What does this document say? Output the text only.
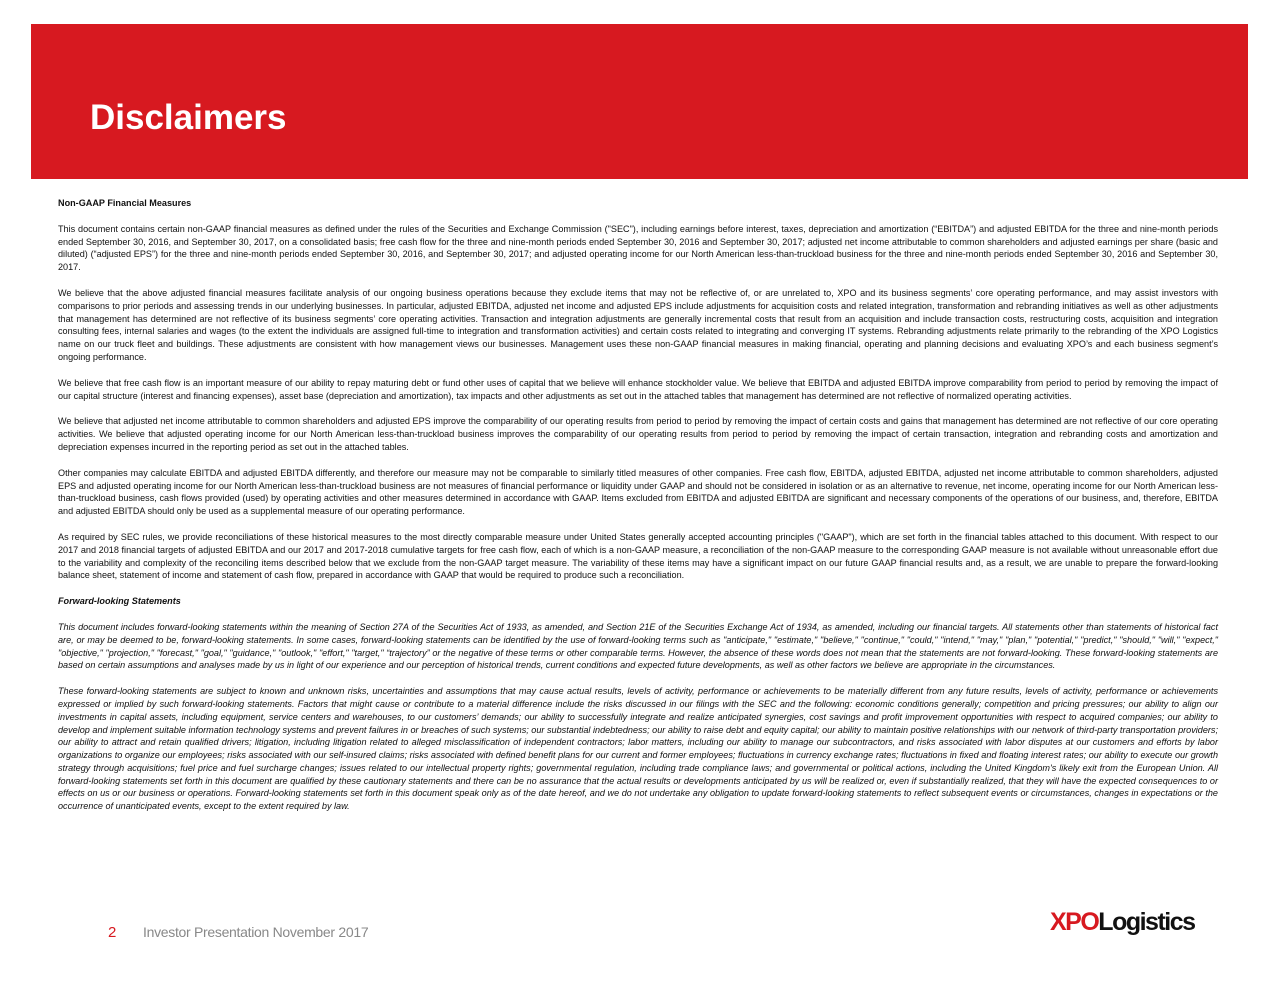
Disclaimers

Non-GAAP Financial Measures

This document contains certain non-GAAP financial measures as defined under the rules of the Securities and Exchange Commission ("SEC"), including earnings before interest, taxes, depreciation and amortization (“EBITDA”) and adjusted EBITDA for the three and nine-month periods ended September 30, 2016, and September 30, 2017, on a consolidated basis; free cash flow for the three and nine-month periods ended September 30, 2016 and September 30, 2017; adjusted net income attributable to common shareholders and adjusted earnings per share (basic and diluted) (“adjusted EPS”) for the three and nine-month periods ended September 30, 2016, and September 30, 2017; and adjusted operating income for our North American less-than-truckload business for the three and nine-month periods ended September 30, 2016 and September 30, 2017.

We believe that the above adjusted financial measures facilitate analysis of our ongoing business operations because they exclude items that may not be reflective of, or are unrelated to, XPO and its business segments’ core operating performance, and may assist investors with comparisons to prior periods and assessing trends in our underlying businesses. In particular, adjusted EBITDA, adjusted net income and adjusted EPS include adjustments for acquisition costs and related integration, transformation and rebranding initiatives as well as other adjustments that management has determined are not reflective of its business segments’ core operating activities. Transaction and integration adjustments are generally incremental costs that result from an acquisition and include transaction costs, restructuring costs, acquisition and integration consulting fees, internal salaries and wages (to the extent the individuals are assigned full-time to integration and transformation activities) and certain costs related to integrating and converging IT systems. Rebranding adjustments relate primarily to the rebranding of the XPO Logistics name on our truck fleet and buildings. These adjustments are consistent with how management views our businesses. Management uses these non-GAAP financial measures in making financial, operating and planning decisions and evaluating XPO’s and each business segment’s ongoing performance.

We believe that free cash flow is an important measure of our ability to repay maturing debt or fund other uses of capital that we believe will enhance stockholder value. We believe that EBITDA and adjusted EBITDA improve comparability from period to period by removing the impact of our capital structure (interest and financing expenses), asset base (depreciation and amortization), tax impacts and other adjustments as set out in the attached tables that management has determined are not reflective of normalized operating activities.

We believe that adjusted net income attributable to common shareholders and adjusted EPS improve the comparability of our operating results from period to period by removing the impact of certain costs and gains that management has determined are not reflective of our core operating activities. We believe that adjusted operating income for our North American less-than-truckload business improves the comparability of our operating results from period to period by removing the impact of certain transaction, integration and rebranding costs and amortization and depreciation expenses incurred in the reporting period as set out in the attached tables.

Other companies may calculate EBITDA and adjusted EBITDA differently, and therefore our measure may not be comparable to similarly titled measures of other companies. Free cash flow, EBITDA, adjusted EBITDA, adjusted net income attributable to common shareholders, adjusted EPS and adjusted operating income for our North American less-than-truckload business are not measures of financial performance or liquidity under GAAP and should not be considered in isolation or as an alternative to revenue, net income, operating income for our North American less-than-truckload business, cash flows provided (used) by operating activities and other measures determined in accordance with GAAP. Items excluded from EBITDA and adjusted EBITDA are significant and necessary components of the operations of our business, and, therefore, EBITDA and adjusted EBITDA should only be used as a supplemental measure of our operating performance.

As required by SEC rules, we provide reconciliations of these historical measures to the most directly comparable measure under United States generally accepted accounting principles ("GAAP"), which are set forth in the financial tables attached to this document. With respect to our 2017 and 2018 financial targets of adjusted EBITDA and our 2017 and 2017-2018 cumulative targets for free cash flow, each of which is a non-GAAP measure, a reconciliation of the non-GAAP measure to the corresponding GAAP measure is not available without unreasonable effort due to the variability and complexity of the reconciling items described below that we exclude from the non-GAAP target measure. The variability of these items may have a significant impact on our future GAAP financial results and, as a result, we are unable to prepare the forward-looking balance sheet, statement of income and statement of cash flow, prepared in accordance with GAAP that would be required to produce such a reconciliation.

Forward-looking Statements

This document includes forward-looking statements within the meaning of Section 27A of the Securities Act of 1933, as amended, and Section 21E of the Securities Exchange Act of 1934, as amended, including our financial targets. All statements other than statements of historical fact are, or may be deemed to be, forward-looking statements. In some cases, forward-looking statements can be identified by the use of forward-looking terms such as "anticipate," "estimate," "believe," "continue," "could," "intend," "may," "plan," "potential," "predict," "should," "will," "expect," "objective," "projection," "forecast," "goal," "guidance," "outlook," "effort," "target," “trajectory” or the negative of these terms or other comparable terms. However, the absence of these words does not mean that the statements are not forward-looking. These forward-looking statements are based on certain assumptions and analyses made by us in light of our experience and our perception of historical trends, current conditions and expected future developments, as well as other factors we believe are appropriate in the circumstances.

These forward-looking statements are subject to known and unknown risks, uncertainties and assumptions that may cause actual results, levels of activity, performance or achievements to be materially different from any future results, levels of activity, performance or achievements expressed or implied by such forward-looking statements. Factors that might cause or contribute to a material difference include the risks discussed in our filings with the SEC and the following: economic conditions generally; competition and pricing pressures; our ability to align our investments in capital assets, including equipment, service centers and warehouses, to our customers’ demands; our ability to successfully integrate and realize anticipated synergies, cost savings and profit improvement opportunities with respect to acquired companies; our ability to develop and implement suitable information technology systems and prevent failures in or breaches of such systems; our substantial indebtedness; our ability to raise debt and equity capital; our ability to maintain positive relationships with our network of third-party transportation providers; our ability to attract and retain qualified drivers; litigation, including litigation related to alleged misclassification of independent contractors; labor matters, including our ability to manage our subcontractors, and risks associated with labor disputes at our customers and efforts by labor organizations to organize our employees; risks associated with our self-insured claims; risks associated with defined benefit plans for our current and former employees; fluctuations in currency exchange rates; fluctuations in fixed and floating interest rates; our ability to execute our growth strategy through acquisitions; fuel price and fuel surcharge changes; issues related to our intellectual property rights; governmental regulation, including trade compliance laws; and governmental or political actions, including the United Kingdom's likely exit from the European Union. All forward-looking statements set forth in this document are qualified by these cautionary statements and there can be no assurance that the actual results or developments anticipated by us will be realized or, even if substantially realized, that they will have the expected consequences to or effects on us or our business or operations. Forward-looking statements set forth in this document speak only as of the date hereof, and we do not undertake any obligation to update forward-looking statements to reflect subsequent events or circumstances, changes in expectations or the occurrence of unanticipated events, except to the extent required by law.

2 Investor Presentation November 2017	XPOLogistics
